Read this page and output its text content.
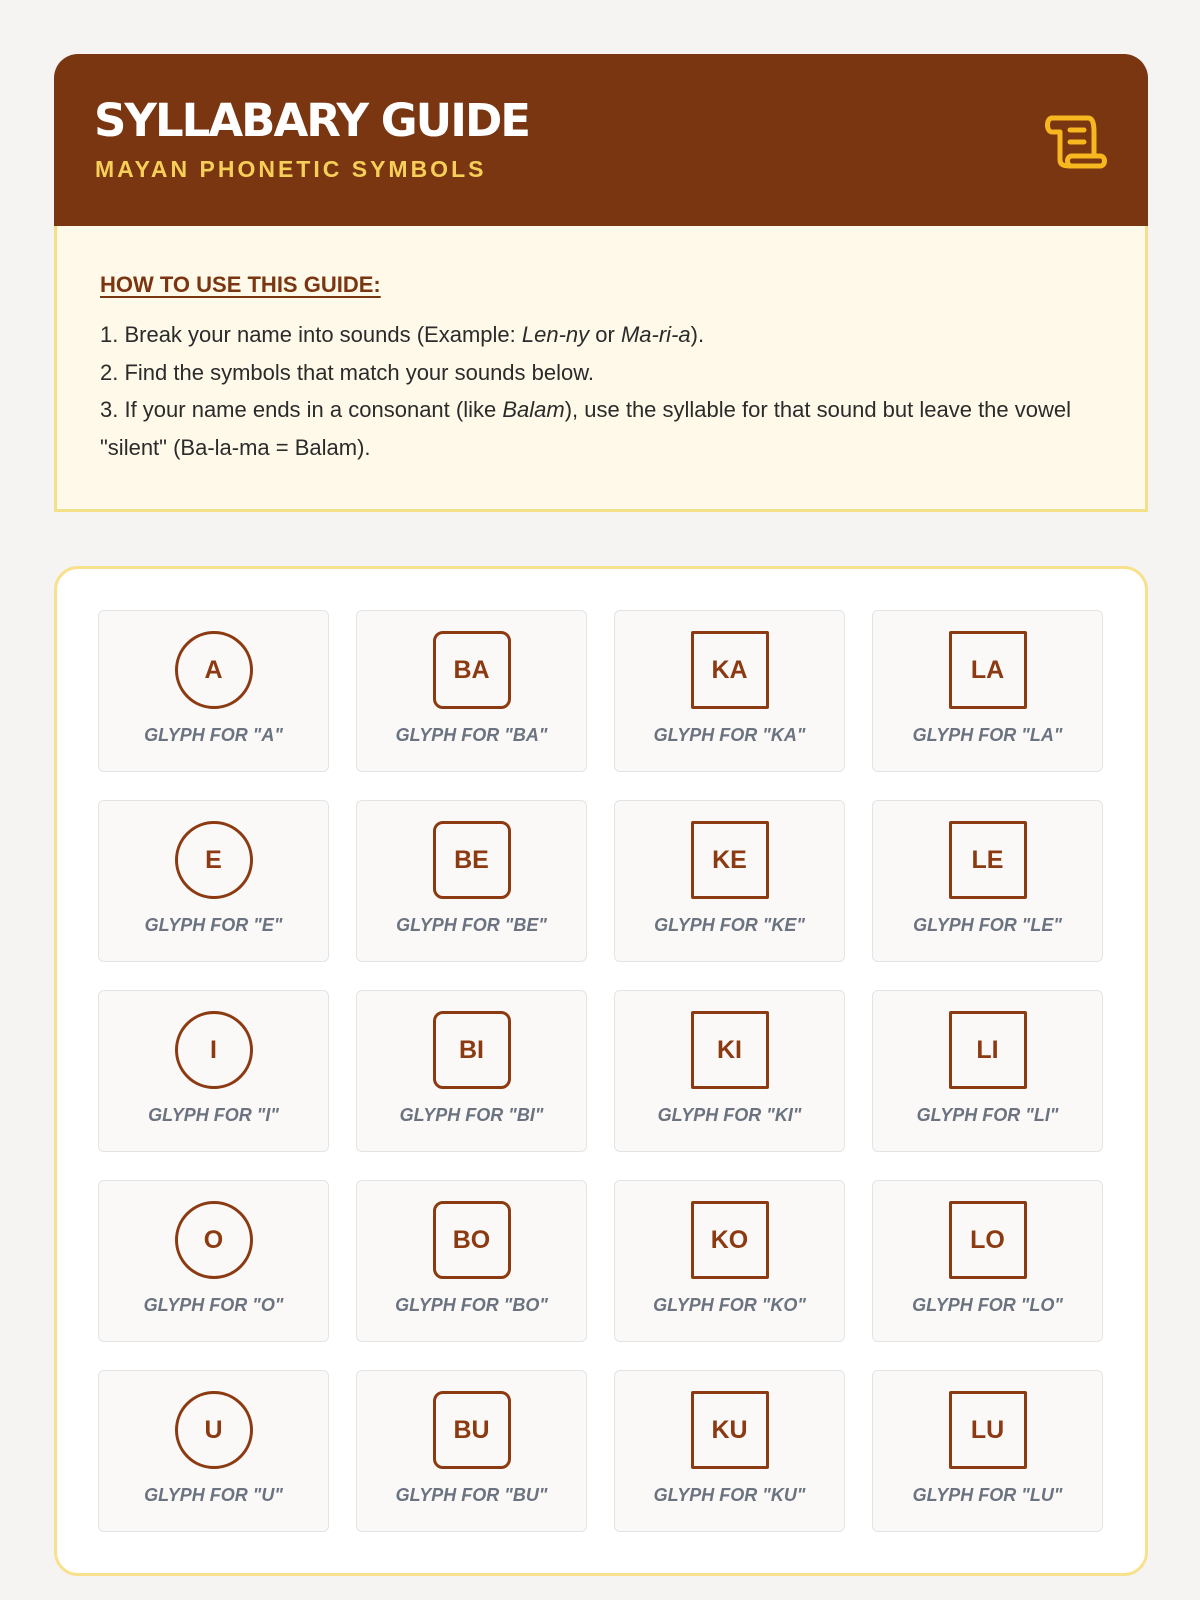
SYLLABARY GUIDE
MAYAN PHONETIC SYMBOLS
HOW TO USE THIS GUIDE:
1. Break your name into sounds (Example: Len-ny or Ma-ri-a).
2. Find the symbols that match your sounds below.
3. If your name ends in a consonant (like Balam), use the syllable for that sound but leave the vowel "silent" (Ba-la-ma = Balam).
A
GLYPH FOR "A"
BA
GLYPH FOR "BA"
KA
GLYPH FOR "KA"
LA
GLYPH FOR "LA"
E
GLYPH FOR "E"
BE
GLYPH FOR "BE"
KE
GLYPH FOR "KE"
LE
GLYPH FOR "LE"
I
GLYPH FOR "I"
BI
GLYPH FOR "BI"
KI
GLYPH FOR "KI"
LI
GLYPH FOR "LI"
O
GLYPH FOR "O"
BO
GLYPH FOR "BO"
KO
GLYPH FOR "KO"
LO
GLYPH FOR "LO"
U
GLYPH FOR "U"
BU
GLYPH FOR "BU"
KU
GLYPH FOR "KU"
LU
GLYPH FOR "LU"
